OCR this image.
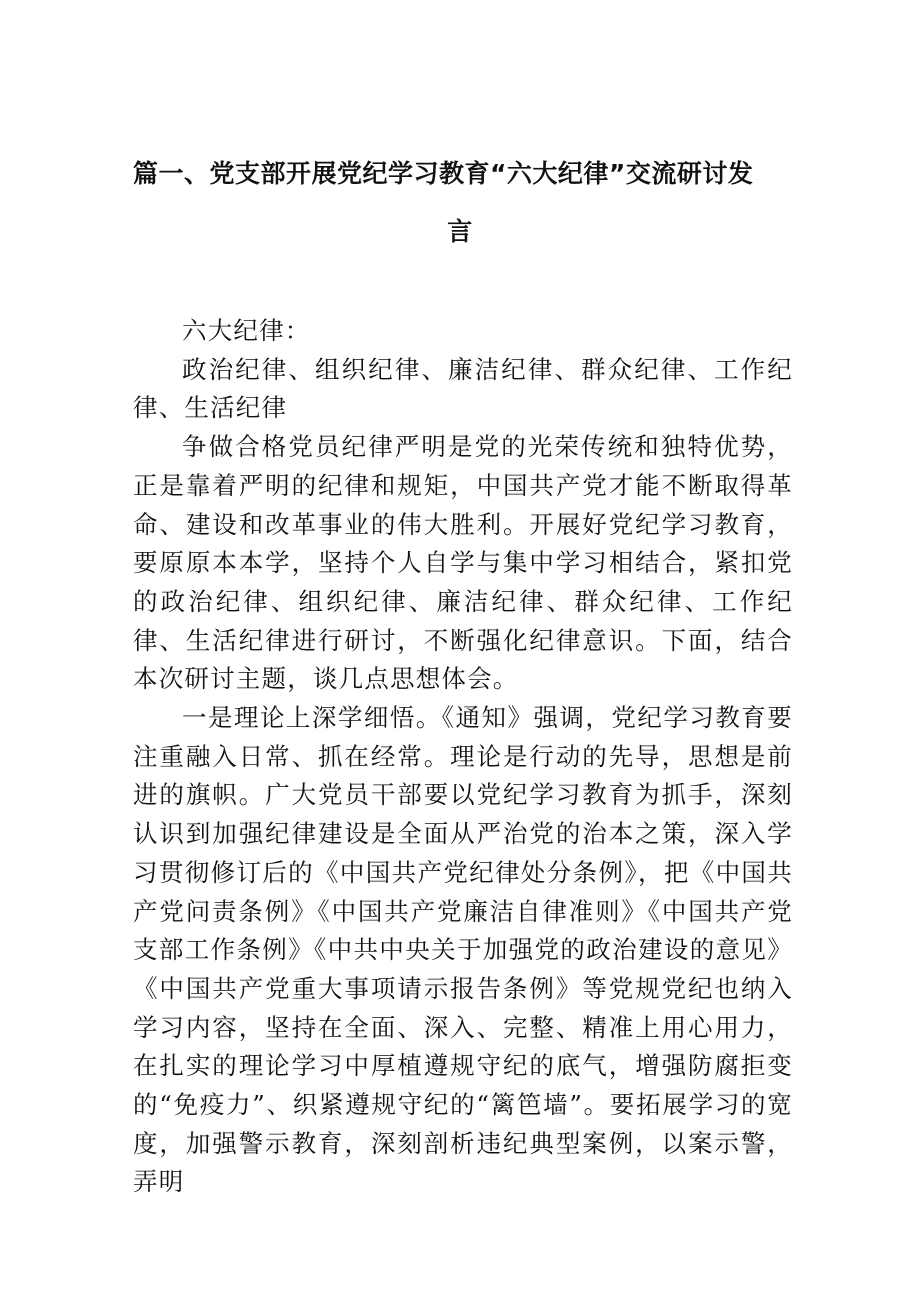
篇一、党支部开展党纪学习教育“六大纪律”交流研讨发
言

六大纪律：

政治纪律、组织纪律、廉洁纪律、群众纪律、工作纪律、生活纪律

争做合格党员纪律严明是党的光荣传统和独特优势，正是靠着严明的纪律和规矩，中国共产党才能不断取得革命、建设和改革事业的伟大胜利。开展好党纪学习教育，要原原本本学，坚持个人自学与集中学习相结合，紧扣党的政治纪律、组织纪律、廉洁纪律、群众纪律、工作纪律、生活纪律进行研讨，不断强化纪律意识。下面，结合本次研讨主题，谈几点思想体会。

一是理论上深学细悟。《通知》强调，党纪学习教育要注重融入日常、抓在经常。理论是行动的先导，思想是前进的旗帜。广大党员干部要以党纪学习教育为抓手，深刻认识到加强纪律建设是全面从严治党的治本之策，深入学习贯彻修订后的《中国共产党纪律处分条例》，把《中国共产党问责条例》《中国共产党廉洁自律准则》《中国共产党支部工作条例》《中共中央关于加强党的政治建设的意见》《中国共产党重大事项请示报告条例》等党规党纪也纳入学习内容，坚持在全面、深入、完整、精准上用心用力，在扎实的理论学习中厚植遵规守纪的底气，增强防腐拒变的“免疫力”、织紧遵规守纪的“篱笆墙”。要拓展学习的宽度，加强警示教育，深刻剖析违纪典型案例，以案示警，弄明
